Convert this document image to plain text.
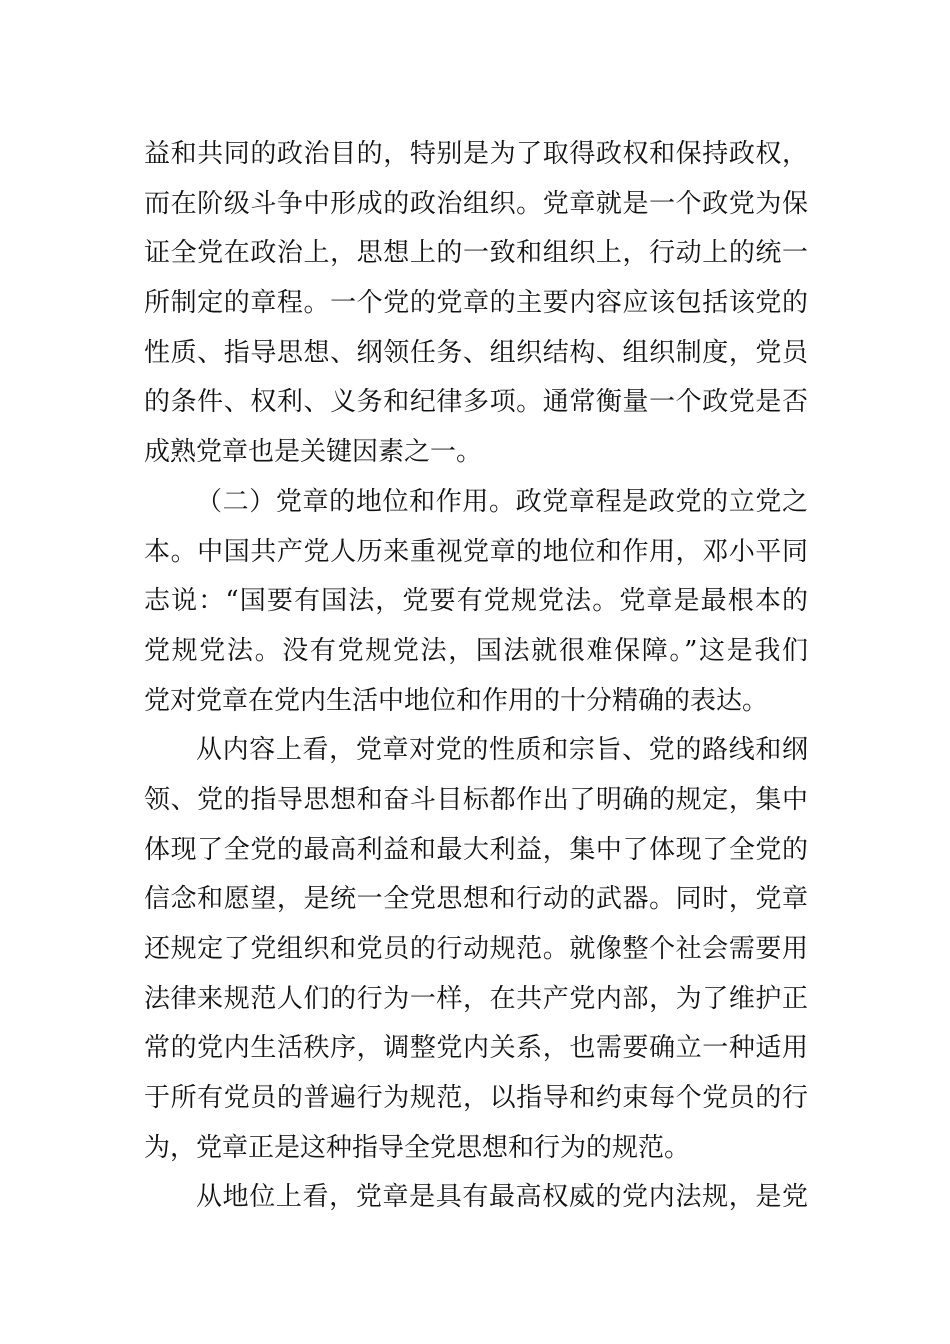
益和共同的政治目的，特别是为了取得政权和保持政权，
而在阶级斗争中形成的政治组织。党章就是一个政党为保
证全党在政治上，思想上的一致和组织上，行动上的统一
所制定的章程。一个党的党章的主要内容应该包括该党的
性质、指导思想、纲领任务、组织结构、组织制度，党员
的条件、权利、义务和纪律多项。通常衡量一个政党是否
成熟党章也是关键因素之一。
（二）党章的地位和作用。政党章程是政党的立党之
本。中国共产党人历来重视党章的地位和作用，邓小平同
志说：“国要有国法，党要有党规党法。党章是最根本的
党规党法。没有党规党法，国法就很难保障。”这是我们
党对党章在党内生活中地位和作用的十分精确的表达。
从内容上看，党章对党的性质和宗旨、党的路线和纲
领、党的指导思想和奋斗目标都作出了明确的规定，集中
体现了全党的最高利益和最大利益，集中了体现了全党的
信念和愿望，是统一全党思想和行动的武器。同时，党章
还规定了党组织和党员的行动规范。就像整个社会需要用
法律来规范人们的行为一样，在共产党内部，为了维护正
常的党内生活秩序，调整党内关系，也需要确立一种适用
于所有党员的普遍行为规范，以指导和约束每个党员的行
为，党章正是这种指导全党思想和行为的规范。
从地位上看，党章是具有最高权威的党内法规，是党
